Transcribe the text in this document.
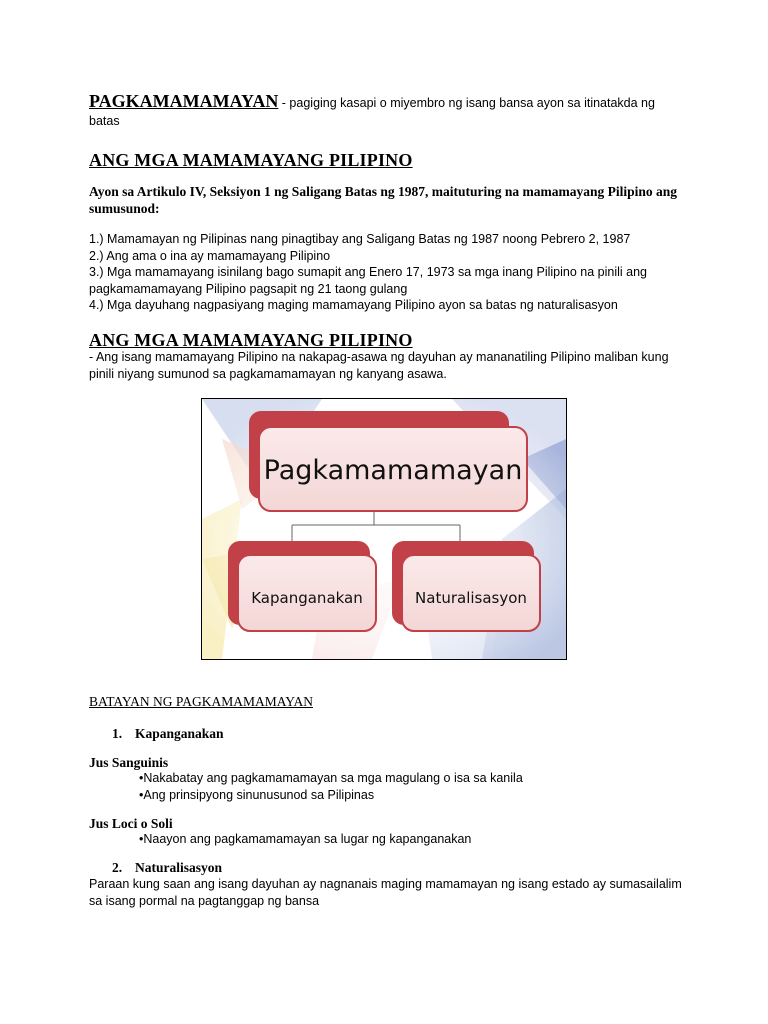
PAGKAMAMAMAYAN - pagiging kasapi o miyembro ng isang bansa ayon sa itinatakda ng batas
ANG MGA MAMAMAYANG PILIPINO
Ayon sa Artikulo IV, Seksiyon 1 ng Saligang Batas ng 1987, maituturing na mamamayang Pilipino ang sumusunod:
1.) Mamamayan ng Pilipinas nang pinagtibay ang Saligang Batas ng 1987 noong Pebrero 2, 1987
2.) Ang ama o ina ay mamamayang Pilipino
3.) Mga mamamayang isinilang bago sumapit ang Enero 17, 1973 sa mga inang Pilipino na pinili ang pagkamamamayang Pilipino pagsapit ng 21 taong gulang
4.) Mga dayuhang nagpasiyang maging mamamayang Pilipino ayon sa batas ng naturalisasyon
ANG MGA MAMAMAYANG PILIPINO
- Ang isang mamamayang Pilipino na nakapag-asawa ng dayuhan ay mananatiling Pilipino maliban kung pinili niyang sumunod sa pagkamamamayan ng kanyang asawa.
Pagkamamamayan
Kapanganakan	Naturalisasyon
BATAYAN NG PAGKAMAMAMAYAN
1. Kapanganakan
Jus Sanguinis
•Nakabatay ang pagkamamamayan sa mga magulang o isa sa kanila
•Ang prinsipyong sinunusunod sa Pilipinas
Jus Loci o Soli
•Naayon ang pagkamamamayan sa lugar ng kapanganakan
2. Naturalisasyon
Paraan kung saan ang isang dayuhan ay nagnanais maging mamamayan ng isang estado ay sumasailalim sa isang pormal na pagtanggap ng bansa
